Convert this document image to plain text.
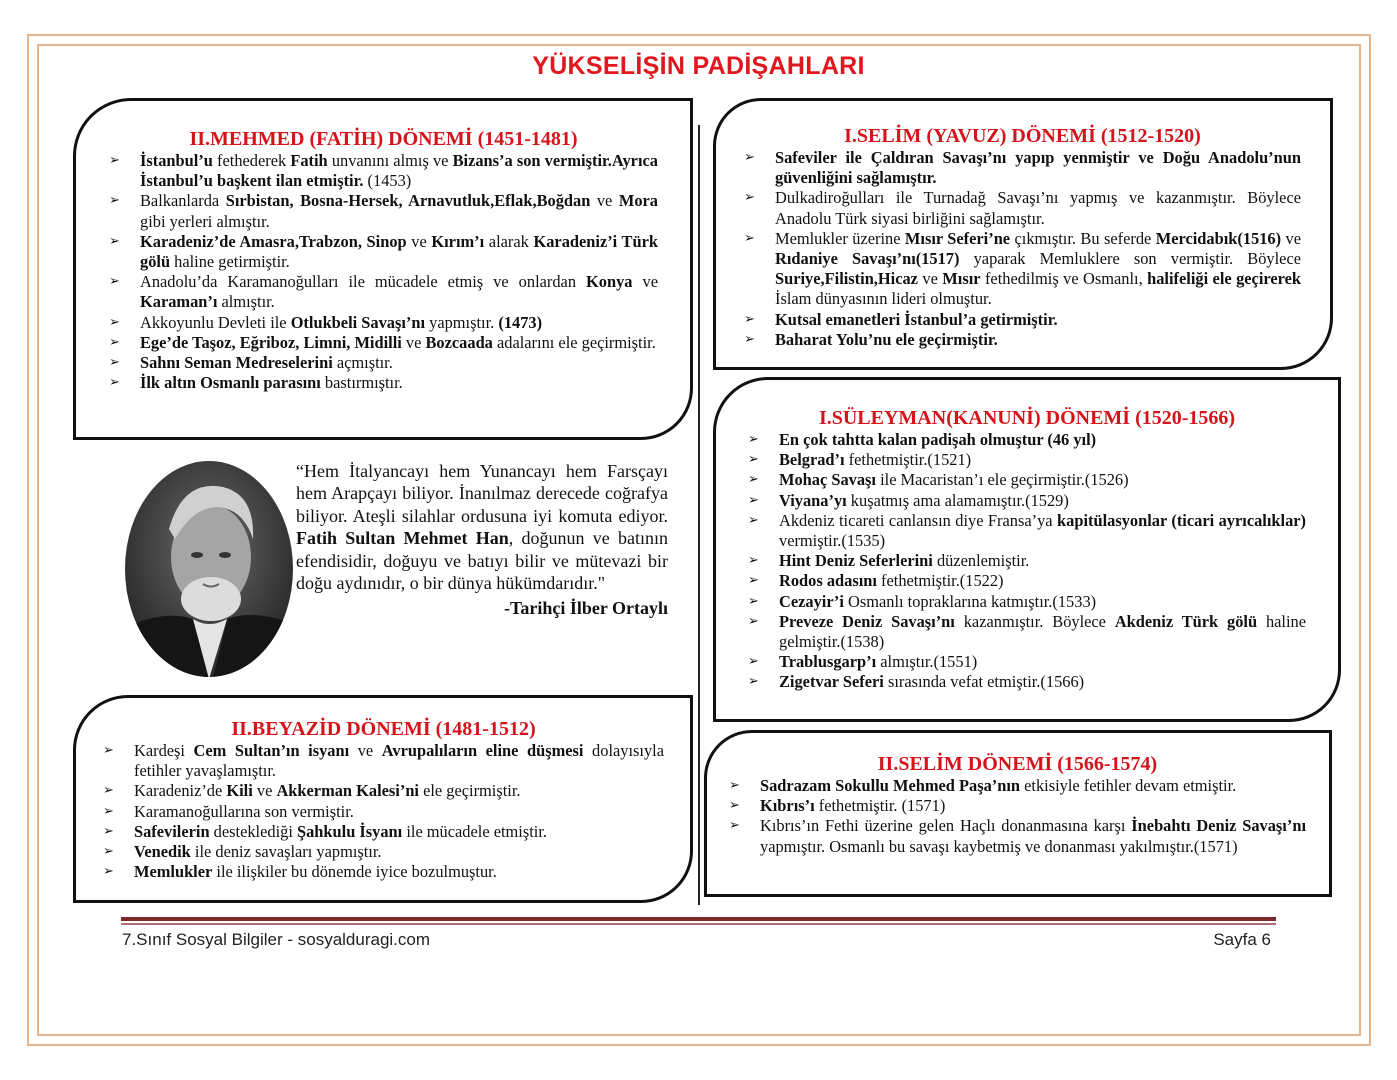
YÜKSELİŞİN PADİŞAHLARI
II.MEHMED (FATİH) DÖNEMİ (1451-1481)
➢ İstanbul’u fethederek Fatih unvanını almış ve Bizans’a son vermiştir.Ayrıca İstanbul’u başkent ilan etmiştir. (1453)
➢ Balkanlarda Sırbistan, Bosna-Hersek, Arnavutluk,Eflak,Boğdan ve Mora gibi yerleri almıştır.
➢ Karadeniz’de Amasra,Trabzon, Sinop ve Kırım’ı alarak Karadeniz’i Türk gölü haline getirmiştir.
➢ Anadolu’da Karamanoğulları ile mücadele etmiş ve onlardan Konya ve Karaman’ı almıştır.
➢ Akkoyunlu Devleti ile Otlukbeli Savaşı’nı yapmıştır. (1473)
➢ Ege’de Taşoz, Eğriboz, Limni, Midilli ve Bozcaada adalarını ele geçirmiştir.
➢ Sahnı Seman Medreselerini açmıştır.
➢ İlk altın Osmanlı parasını bastırmıştır.

“Hem İtalyancayı hem Yunancayı hem Farsçayı hem Arapçayı biliyor. İnanılmaz derecede coğrafya biliyor. Ateşli silahlar ordusuna iyi komuta ediyor. Fatih Sultan Mehmet Han, doğunun ve batının efendisidir, doğuyu ve batıyı bilir ve mütevazi bir doğu aydınıdır, o bir dünya hükümdarıdır."

-Tarihçi İlber Ortaylı

II.BEYAZİD DÖNEMİ (1481-1512)
➢ Kardeşi Cem Sultan’ın isyanı ve Avrupalıların eline düşmesi dolayısıyla fetihler yavaşlamıştır.
➢ Karadeniz’de Kili ve Akkerman Kalesi’ni ele geçirmiştir.
➢ Karamanoğullarına son vermiştir.
➢ Safevilerin desteklediği Şahkulu İsyanı ile mücadele etmiştir.
➢ Venedik ile deniz savaşları yapmıştır.
➢ Memlukler ile ilişkiler bu dönemde iyice bozulmuştur.
I.SELİM (YAVUZ) DÖNEMİ (1512-1520)
➢ Safeviler ile Çaldıran Savaşı’nı yapıp yenmiştir ve Doğu Anadolu’nun güvenliğini sağlamıştır.
➢ Dulkadiroğulları ile Turnadağ Savaşı’nı yapmış ve kazanmıştır. Böylece Anadolu Türk siyasi birliğini sağlamıştır.
➢ Memlukler üzerine Mısır Seferi’ne çıkmıştır. Bu seferde Mercidabık(1516) ve Rıdaniye Savaşı’nı(1517) yaparak Memluklere son vermiştir. Böylece Suriye,Filistin,Hicaz ve Mısır fethedilmiş ve Osmanlı, halifeliği ele geçirerek İslam dünyasının lideri olmuştur.
➢ Kutsal emanetleri İstanbul’a getirmiştir.
➢ Baharat Yolu’nu ele geçirmiştir.
I.SÜLEYMAN(KANUNİ) DÖNEMİ (1520-1566)
➢ En çok tahtta kalan padişah olmuştur (46 yıl)
➢ Belgrad’ı fethetmiştir.(1521)
➢ Mohaç Savaşı ile Macaristan’ı ele geçirmiştir.(1526)
➢ Viyana’yı kuşatmış ama alamamıştır.(1529)
➢ Akdeniz ticareti canlansın diye Fransa’ya kapitülasyonlar (ticari ayrıcalıklar) vermiştir.(1535)
➢ Hint Deniz Seferlerini düzenlemiştir.
➢ Rodos adasını fethetmiştir.(1522)
➢ Cezayir’i Osmanlı topraklarına katmıştır.(1533)
➢ Preveze Deniz Savaşı’nı kazanmıştır. Böylece Akdeniz Türk gölü haline gelmiştir.(1538)
➢ Trablusgarp’ı almıştır.(1551)
➢ Zigetvar Seferi sırasında vefat etmiştir.(1566)
II.SELİM DÖNEMİ (1566-1574)
➢ Sadrazam Sokullu Mehmed Paşa’nın etkisiyle fetihler devam etmiştir.
➢ Kıbrıs’ı fethetmiştir. (1571)
➢ Kıbrıs’ın Fethi üzerine gelen Haçlı donanmasına karşı İnebahtı Deniz Savaşı’nı yapmıştır. Osmanlı bu savaşı kaybetmiş ve donanması yakılmıştır.(1571)
7.Sınıf Sosyal Bilgiler - sosyalduragi.com	Sayfa 6
